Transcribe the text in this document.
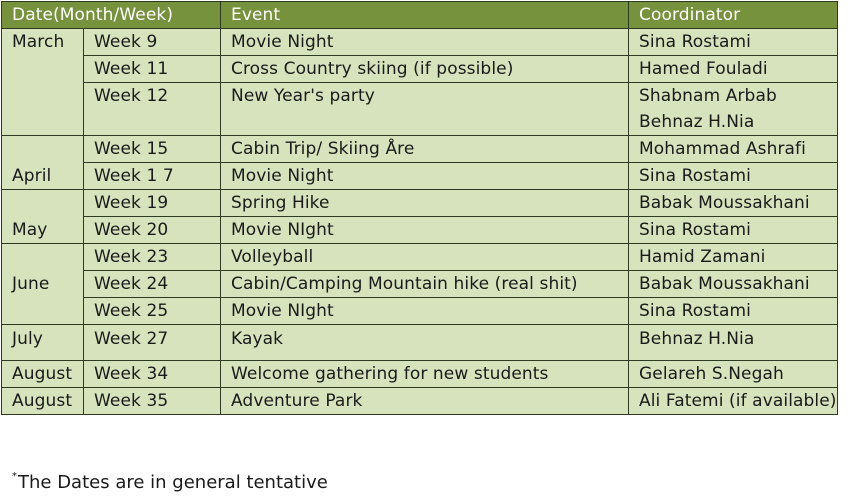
Date(Month/Week)		Event	Coordinator
March	Week 9	Movie Night	Sina Rostami
	Week 11	Cross Country skiing (if possible)	Hamed Fouladi
	Week 12	New Year's party	Shabnam Arbab
			Behnaz H.Nia
April	Week 15	Cabin Trip/ Skiing Åre	Mohammad Ashrafi
	Week 1 7	Movie Night	Sina Rostami
May	Week 19	Spring Hike	Babak Moussakhani
	Week 20	Movie NIght	Sina Rostami
June	Week 23	Volleyball	Hamid Zamani
	Week 24	Cabin/Camping Mountain hike (real shit)	Babak Moussakhani
	Week 25	Movie NIght	Sina Rostami
July	Week 27	Kayak	Behnaz H.Nia
August	Week 34	Welcome gathering for new students	Gelareh S.Negah
August	Week 35	Adventure Park	Ali Fatemi (if available)
*The Dates are in general tentative
